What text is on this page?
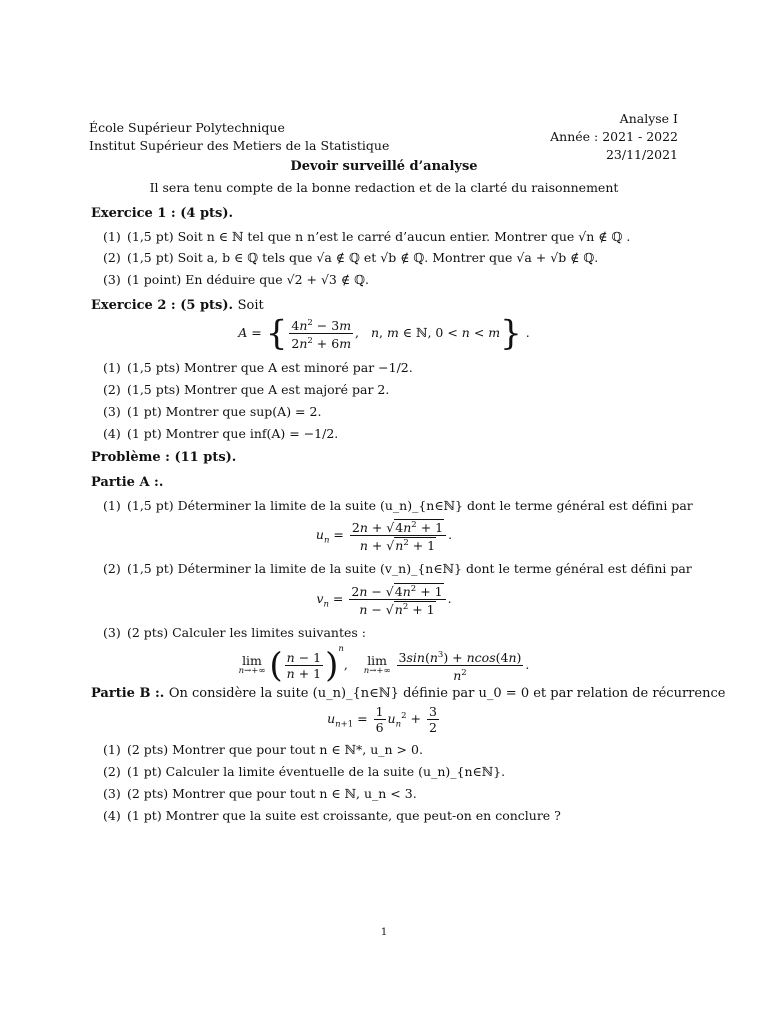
École Supérieur Polytechnique
Institut Supérieur des Metiers de la Statistique
Analyse I
Année : 2021 - 2022
23/11/2021
Devoir surveillé d’analyse
Il sera tenu compte de la bonne redaction et de la clarté du raisonnement
Exercice 1 : (4 pts).
(1) (1,5 pt) Soit n ∈ ℕ tel que n n’est le carré d’aucun entier. Montrer que √n ∉ ℚ .
(2) (1,5 pt) Soit a, b ∈ ℚ tels que √a ∉ ℚ et √b ∉ ℚ. Montrer que √a + √b ∉ ℚ.
(3) (1 point) En déduire que √2 + √3 ∉ ℚ.
Exercice 2 : (5 pts). Soit
A = { $\frac{4n^2 - 3m}{2n^2 + 6m}$ ,   n, m ∈ ℕ, 0 < n < m} .
(1) (1,5 pts) Montrer que A est minoré par −1/2.
(2) (1,5 pts) Montrer que A est majoré par 2.
(3) (1 pt) Montrer que sup(A) = 2.
(4) (1 pt) Montrer que inf(A) = −1/2.
Problème : (11 pts).
Partie A :.
(1) (1,5 pt) Déterminer la limite de la suite (u_n)_{n∈ℕ} dont le terme général est défini par
$u_n = \frac{2n + √4n^2 + 1}{n + √n^2 + 1}$ .
(2) (1,5 pt) Déterminer la limite de la suite (v_n)_{n∈ℕ} dont le terme général est défini par
$v_n = \frac{2n - √4n^2 + 1}{n - √n^2 + 1}$ .
(3) (2 pts) Calculer les limites suivantes :
lim
n→+∞ ( $\frac{n - 1}{n + 1} )^n$,    lim
n→+∞
$\frac{3\sin(n^3) + ncos(4n)}{n^2}$ .
Partie B :. On considère la suite (u_n)_{n∈ℕ} définie par u_0 = 0 et par relation de récurrence
$u_{n+1} = \frac{1}{6} u_n^2 + \frac{3}{2}$
(1) (2 pts) Montrer que pour tout n ∈ ℕ*, u_n > 0.
(2) (1 pt) Calculer la limite éventuelle de la suite (u_n)_{n∈ℕ}.
(3) (2 pts) Montrer que pour tout n ∈ ℕ, u_n < 3.
(4) (1 pt) Montrer que la suite est croissante, que peut-on en conclure ?
1
